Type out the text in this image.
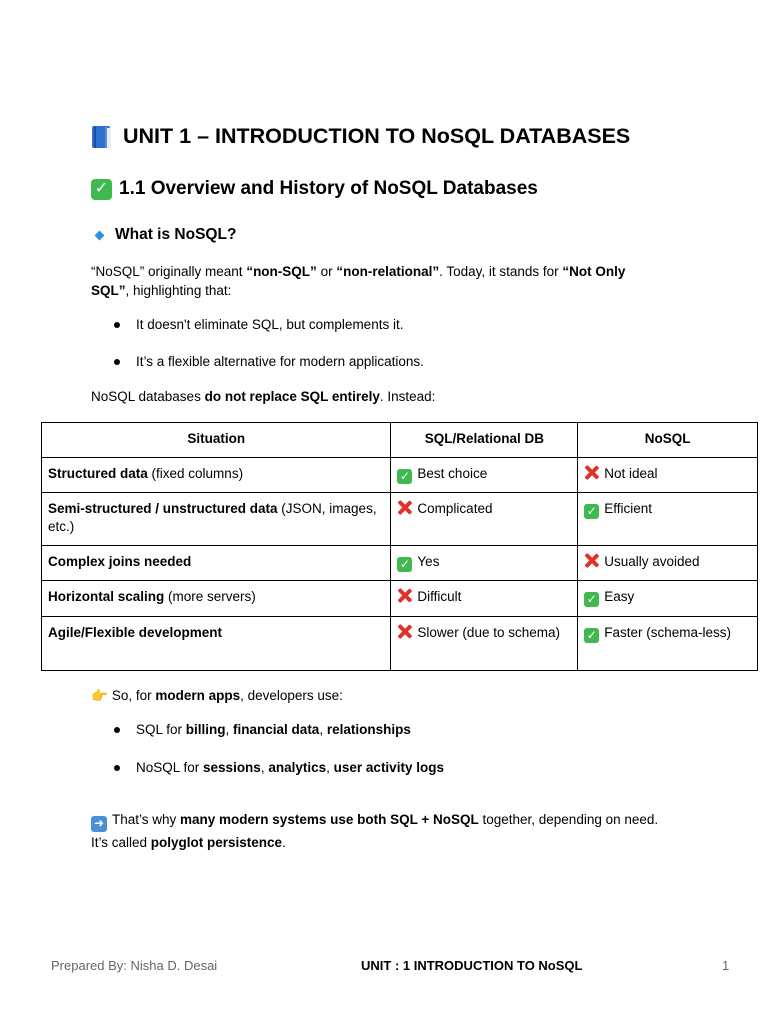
UNIT 1 – INTRODUCTION TO NoSQL DATABASES
✓ 1.1 Overview and History of NoSQL Databases
What is NoSQL?
“NoSQL” originally meant “non-SQL” or “non-relational”. Today, it stands for “Not Only
SQL”, highlighting that:
It doesn't eliminate SQL, but complements it.
It’s a flexible alternative for modern applications.
NoSQL databases do not replace SQL entirely. Instead:
Situation	SQL/Relational DB	NoSQL
Structured data (fixed columns)	✓ Best choice	Not ideal
Semi-structured / unstructured data (JSON, images, etc.)	Complicated	✓ Efficient
Complex joins needed	✓ Yes	Usually avoided
Horizontal scaling (more servers)	Difficult	✓ Easy
Agile/Flexible development	Slower (due to schema)	✓ Faster (schema-less)
👉 So, for modern apps, developers use:
SQL for billing, financial data, relationships
NoSQL for sessions, analytics, user activity logs
➜ That’s why many modern systems use both SQL + NoSQL together, depending on need.
It’s called polyglot persistence.
Prepared By: Nisha D. Desai	UNIT : 1 INTRODUCTION TO NoSQL	1
